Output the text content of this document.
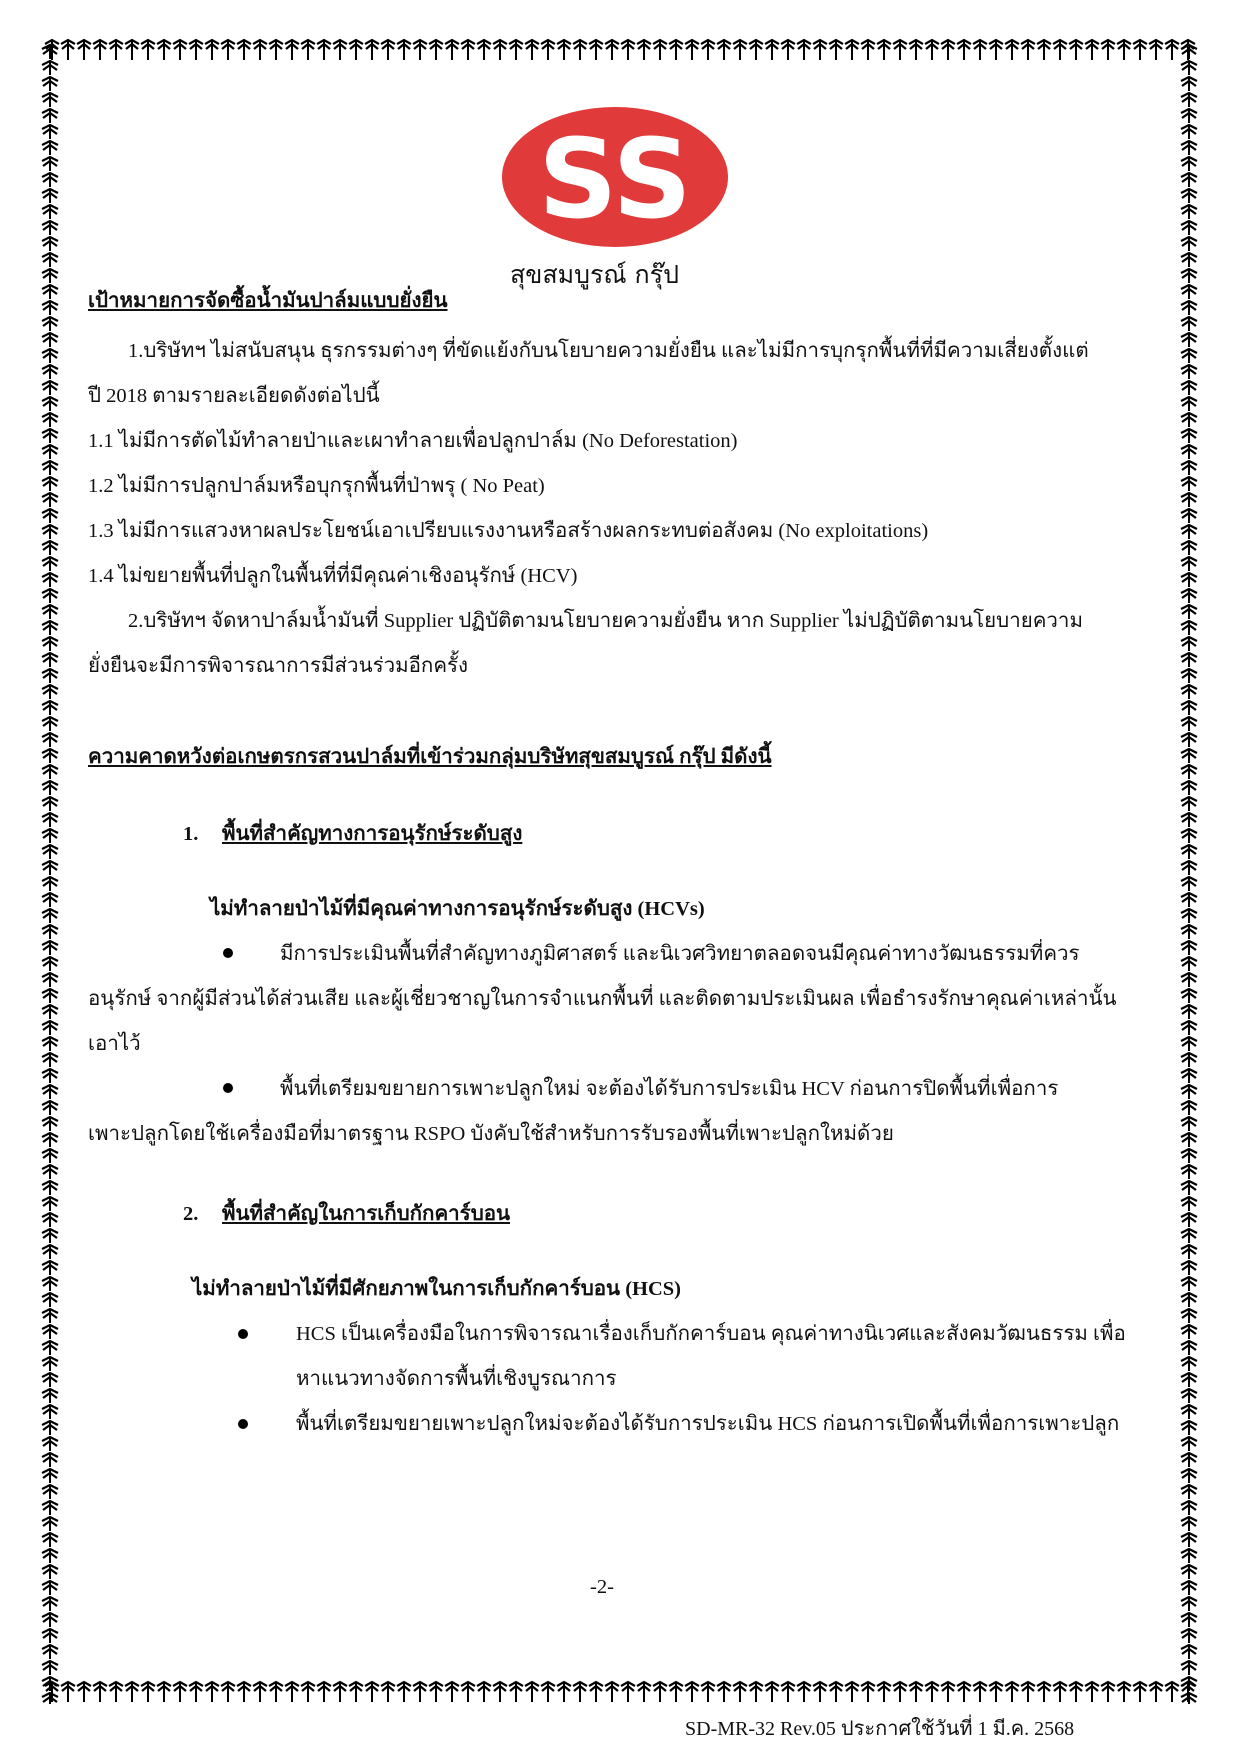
SS
สุขสมบูรณ์ กรุ๊ป
เป้าหมายการจัดซื้อน้ำมันปาล์มแบบยั่งยืน
1.บริษัทฯ ไม่สนับสนุน ธุรกรรมต่างๆ ที่ขัดแย้งกับนโยบายความยั่งยืน และไม่มีการบุกรุกพื้นที่ที่มีความเสี่ยงตั้งแต่
ปี 2018 ตามรายละเอียดดังต่อไปนี้
1.1 ไม่มีการตัดไม้ทำลายป่าและเผาทำลายเพื่อปลูกปาล์ม (No Deforestation)
1.2 ไม่มีการปลูกปาล์มหรือบุกรุกพื้นที่ป่าพรุ ( No Peat)
1.3 ไม่มีการแสวงหาผลประโยชน์เอาเปรียบแรงงานหรือสร้างผลกระทบต่อสังคม (No exploitations)
1.4 ไม่ขยายพื้นที่ปลูกในพื้นที่ที่มีคุณค่าเชิงอนุรักษ์ (HCV)
2.บริษัทฯ จัดหาปาล์มน้ำมันที่ Supplier ปฏิบัติตามนโยบายความยั่งยืน หาก Supplier ไม่ปฏิบัติตามนโยบายความ
ยั่งยืนจะมีการพิจารณาการมีส่วนร่วมอีกครั้ง
ความคาดหวังต่อเกษตรกรสวนปาล์มที่เข้าร่วมกลุ่มบริษัทสุขสมบูรณ์ กรุ๊ป มีดังนี้
1. พื้นที่สำคัญทางการอนุรักษ์ระดับสูง
ไม่ทำลายป่าไม้ที่มีคุณค่าทางการอนุรักษ์ระดับสูง (HCVs)
มีการประเมินพื้นที่สำคัญทางภูมิศาสตร์ และนิเวศวิทยาตลอดจนมีคุณค่าทางวัฒนธรรมที่ควร
อนุรักษ์ จากผู้มีส่วนได้ส่วนเสีย และผู้เชี่ยวชาญในการจำแนกพื้นที่ และติดตามประเมินผล เพื่อธำรงรักษาคุณค่าเหล่านั้น
เอาไว้
พื้นที่เตรียมขยายการเพาะปลูกใหม่ จะต้องได้รับการประเมิน HCV ก่อนการปิดพื้นที่เพื่อการ
เพาะปลูกโดยใช้เครื่องมือที่มาตรฐาน RSPO บังคับใช้สำหรับการรับรองพื้นที่เพาะปลูกใหม่ด้วย
2. พื้นที่สำคัญในการเก็บกักคาร์บอน
ไม่ทำลายป่าไม้ที่มีศักยภาพในการเก็บกักคาร์บอน (HCS)
HCS เป็นเครื่องมือในการพิจารณาเรื่องเก็บกักคาร์บอน คุณค่าทางนิเวศและสังคมวัฒนธรรม เพื่อ
หาแนวทางจัดการพื้นที่เชิงบูรณาการ
พื้นที่เตรียมขยายเพาะปลูกใหม่จะต้องได้รับการประเมิน HCS ก่อนการเปิดพื้นที่เพื่อการเพาะปลูก
-2-
SD-MR-32 Rev.05 ประกาศใช้วันที่ 1 มี.ค. 2568
